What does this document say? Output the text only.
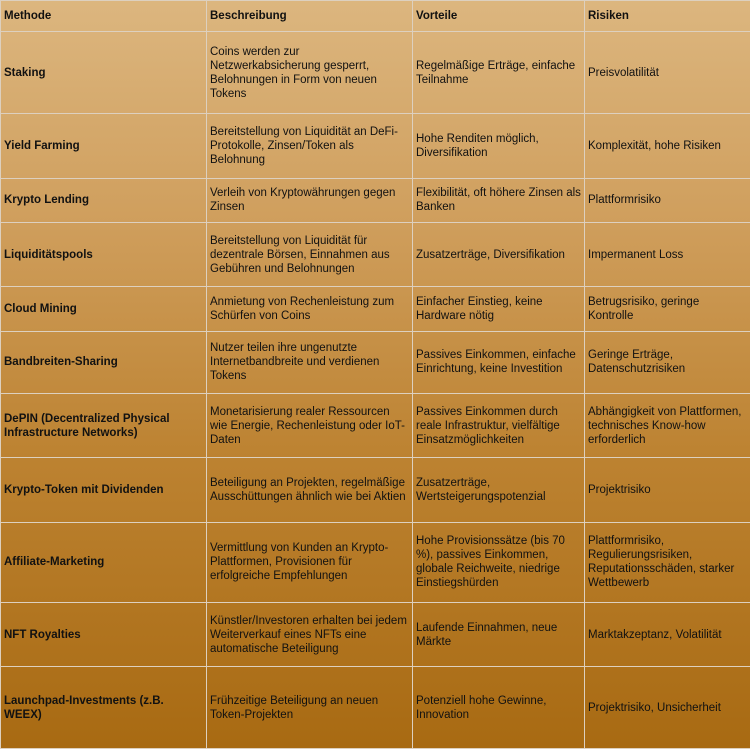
Methode	Beschreibung	Vorteile	Risiken
Staking	Coins werden zur Netzwerkabsicherung gesperrt, Belohnungen in Form von neuen Tokens	Regelmäßige Erträge, einfache Teilnahme	Preisvolatilität
Yield Farming	Bereitstellung von Liquidität an DeFi-Protokolle, Zinsen/Token als Belohnung	Hohe Renditen möglich, Diversifikation	Komplexität, hohe Risiken
Krypto Lending	Verleih von Kryptowährungen gegen Zinsen	Flexibilität, oft höhere Zinsen als Banken	Plattformrisiko
Liquiditätspools	Bereitstellung von Liquidität für dezentrale Börsen, Einnahmen aus Gebühren und Belohnungen	Zusatzerträge, Diversifikation	Impermanent Loss
Cloud Mining	Anmietung von Rechenleistung zum Schürfen von Coins	Einfacher Einstieg, keine Hardware nötig	Betrugsrisiko, geringe Kontrolle
Bandbreiten-Sharing	Nutzer teilen ihre ungenutzte Internetbandbreite und verdienen Tokens	Passives Einkommen, einfache Einrichtung, keine Investition	Geringe Erträge, Datenschutzrisiken
DePIN (Decentralized Physical Infrastructure Networks)	Monetarisierung realer Ressourcen wie Energie, Rechenleistung oder IoT-Daten	Passives Einkommen durch reale Infrastruktur, vielfältige Einsatzmöglichkeiten	Abhängigkeit von Plattformen, technisches Know-how erforderlich
Krypto-Token mit Dividenden	Beteiligung an Projekten, regelmäßige Ausschüttungen ähnlich wie bei Aktien	Zusatzerträge, Wertsteigerungspotenzial	Projektrisiko
Affiliate-Marketing	Vermittlung von Kunden an Krypto-Plattformen, Provisionen für erfolgreiche Empfehlungen	Hohe Provisionssätze (bis 70 %), passives Einkommen, globale Reichweite, niedrige Einstiegshürden	Plattformrisiko, Regulierungsrisiken, Reputationsschäden, starker Wettbewerb
NFT Royalties	Künstler/Investoren erhalten bei jedem Weiterverkauf eines NFTs eine automatische Beteiligung	Laufende Einnahmen, neue Märkte	Marktakzeptanz, Volatilität
Launchpad-Investments (z.B. WEEX)	Frühzeitige Beteiligung an neuen Token-Projekten	Potenziell hohe Gewinne, Innovation	Projektrisiko, Unsicherheit
